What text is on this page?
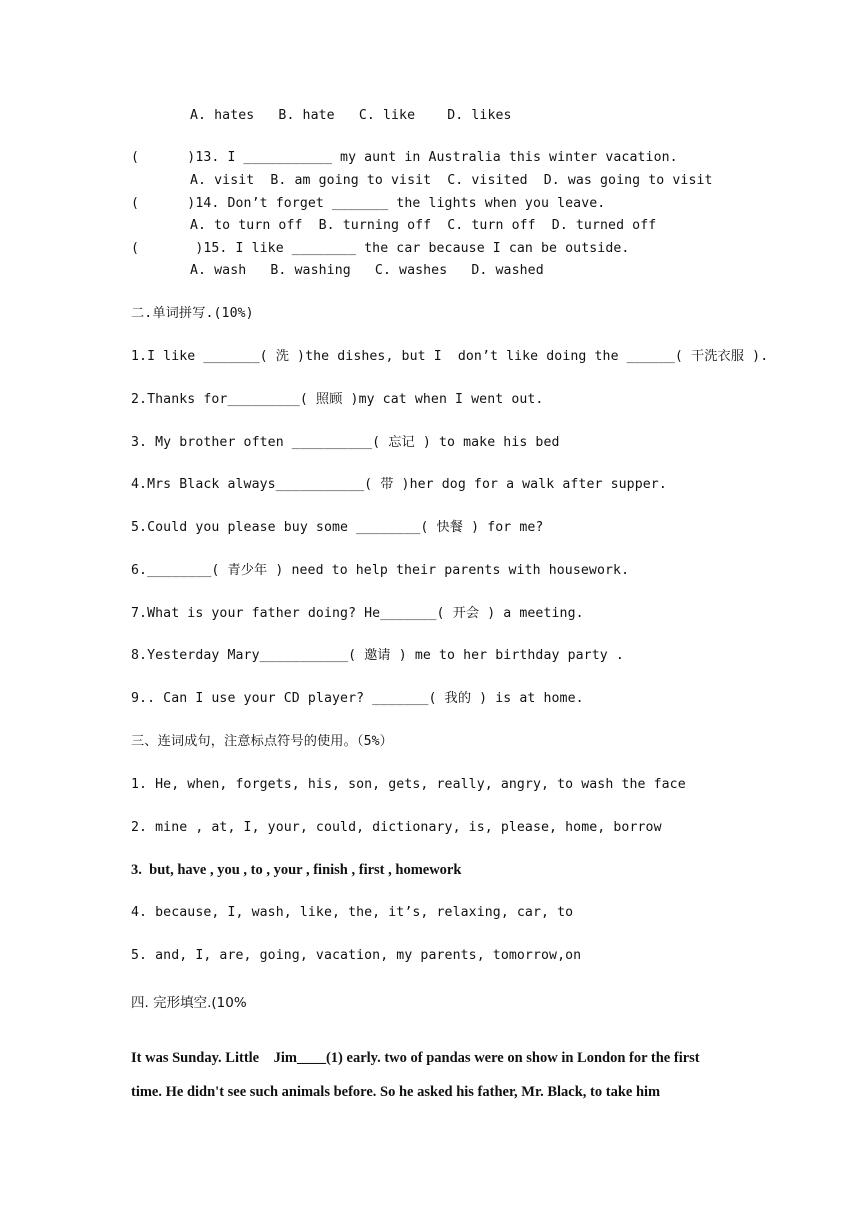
A. hates   B. hate   C. like    D. likes
(      )13. I ___________ my aunt in Australia this winter vacation.
A. visit  B. am going to visit  C. visited  D. was going to visit
(      )14. Don’t forget _______ the lights when you leave.
A. to turn off  B. turning off  C. turn off  D. turned off
(       )15. I like ________ the car because I can be outside.
A. wash   B. washing   C. washes   D. washed
二.单词拼写.(10%)
1.I like _______( 洗 )the dishes, but I  don’t like doing the ______( 干洗衣服 ).
2.Thanks for_________( 照顾 )my cat when I went out.
3. My brother often __________( 忘记 ) to make his bed
4.Mrs Black always___________( 带 )her dog for a walk after supper.
5.Could you please buy some ________( 快餐 ) for me?
6.________( 青少年 ) need to help their parents with housework.
7.What is your father doing? He_______( 开会 ) a meeting.
8.Yesterday Mary___________( 邀请 ) me to her birthday party .
9.. Can I use your CD player? _______( 我的 ) is at home.
三、连词成句，注意标点符号的使用。（5%）
1. He, when, forgets, his, son, gets, really, angry, to wash the face
2. mine , at, I, your, could, dictionary, is, please, home, borrow
3.  but, have , you , to , your , finish , first , homework
4. because, I, wash, like, the, it’s, relaxing, car, to
5. and, I, are, going, vacation, my parents, tomorrow,on
四. 完形填空.(10%
It was Sunday. Little    Jim____(1) early. two of pandas were on show in London for the first
time. He didn't see such animals before. So he asked his father, Mr. Black, to take him
